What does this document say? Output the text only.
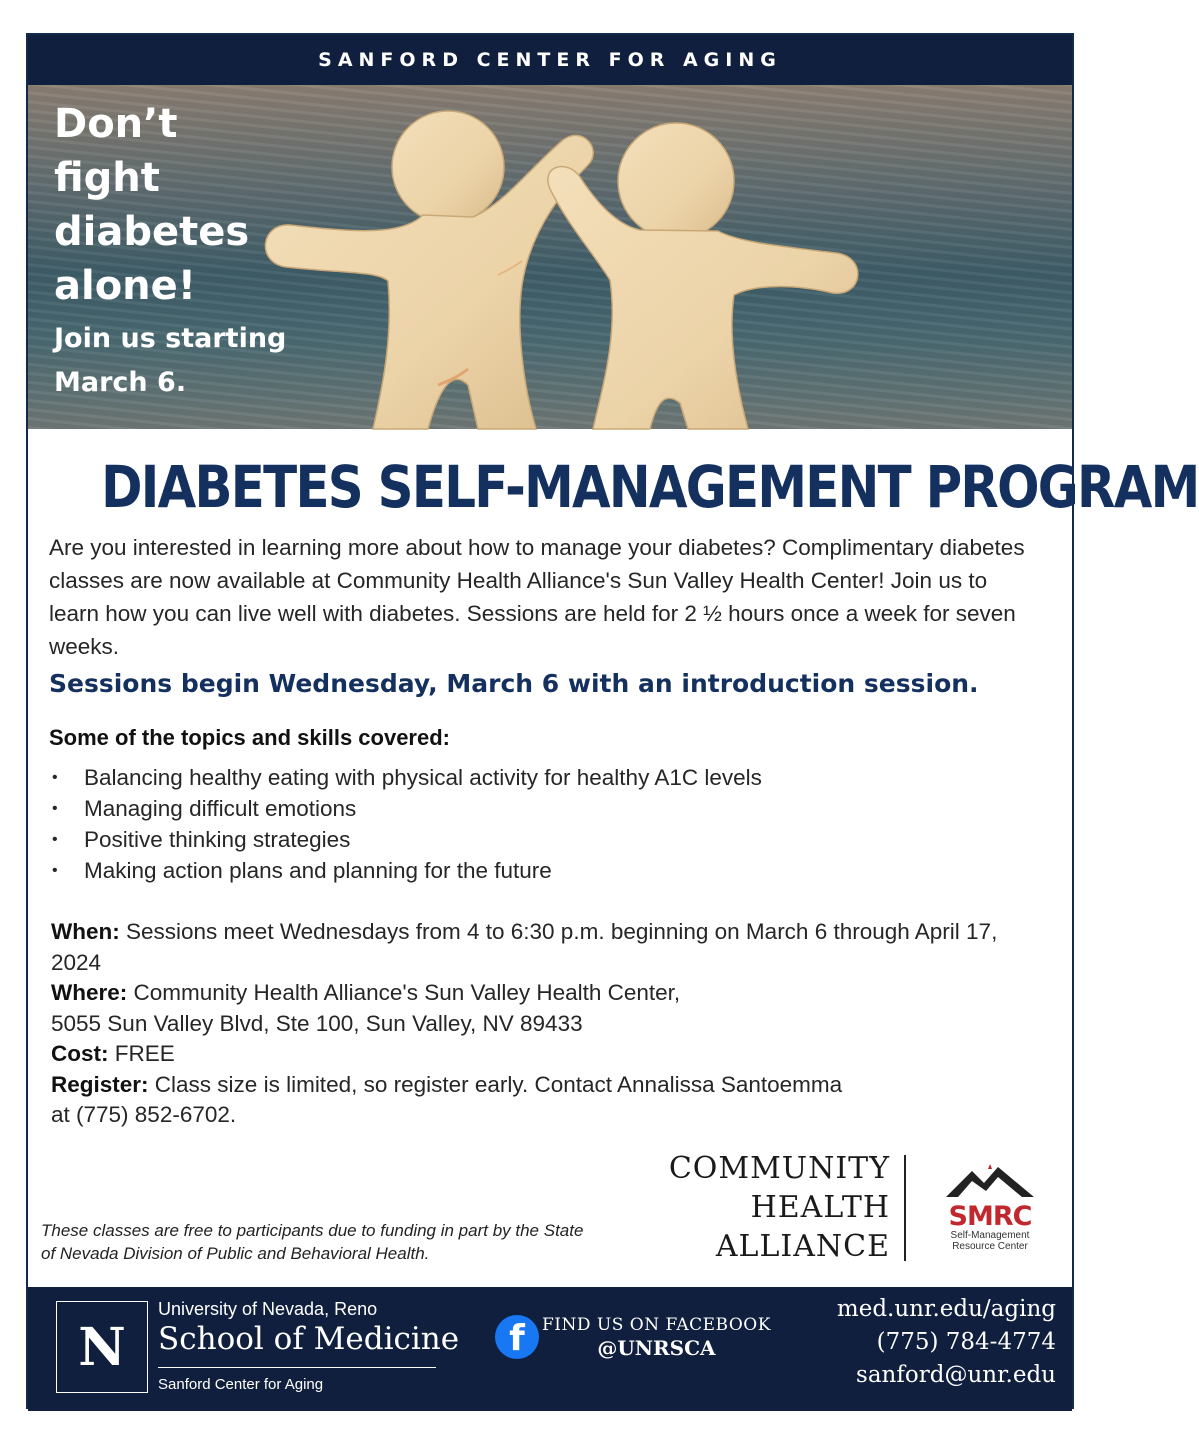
SANFORD CENTER FOR AGING
Don’t fight diabetes alone!
Join us starting March 6.
DIABETES SELF-MANAGEMENT PROGRAM

Are you interested in learning more about how to manage your diabetes? Complimentary diabetes classes are now available at Community Health Alliance's Sun Valley Health Center! Join us to learn how you can live well with diabetes. Sessions are held for 2 ½ hours once a week for seven weeks.

Sessions begin Wednesday, March 6 with an introduction session.
Some of the topics and skills covered:
• Balancing healthy eating with physical activity for healthy A1C levels
• Managing difficult emotions
• Positive thinking strategies
• Making action plans and planning for the future
When: Sessions meet Wednesdays from 4 to 6:30 p.m. beginning on March 6 through April 17, 2024
Where: Community Health Alliance's Sun Valley Health Center,
5055 Sun Valley Blvd, Ste 100, Sun Valley, NV 89433
Cost: FREE
Register: Class size is limited, so register early. Contact Annalissa Santoemma
at (775) 852-6702.

These classes are free to participants due to funding in part by the State of Nevada Division of Public and Behavioral Health.

COMMUNITY
HEALTH
ALLIANCE
SMRC
Self-Management
Resource Center
N
University of Nevada, Reno
School of Medicine
Sanford Center for Aging
f	FIND US ON FACEBOOK
@UNRSCA
med.unr.edu/aging
(775) 784-4774
sanford@unr.edu
